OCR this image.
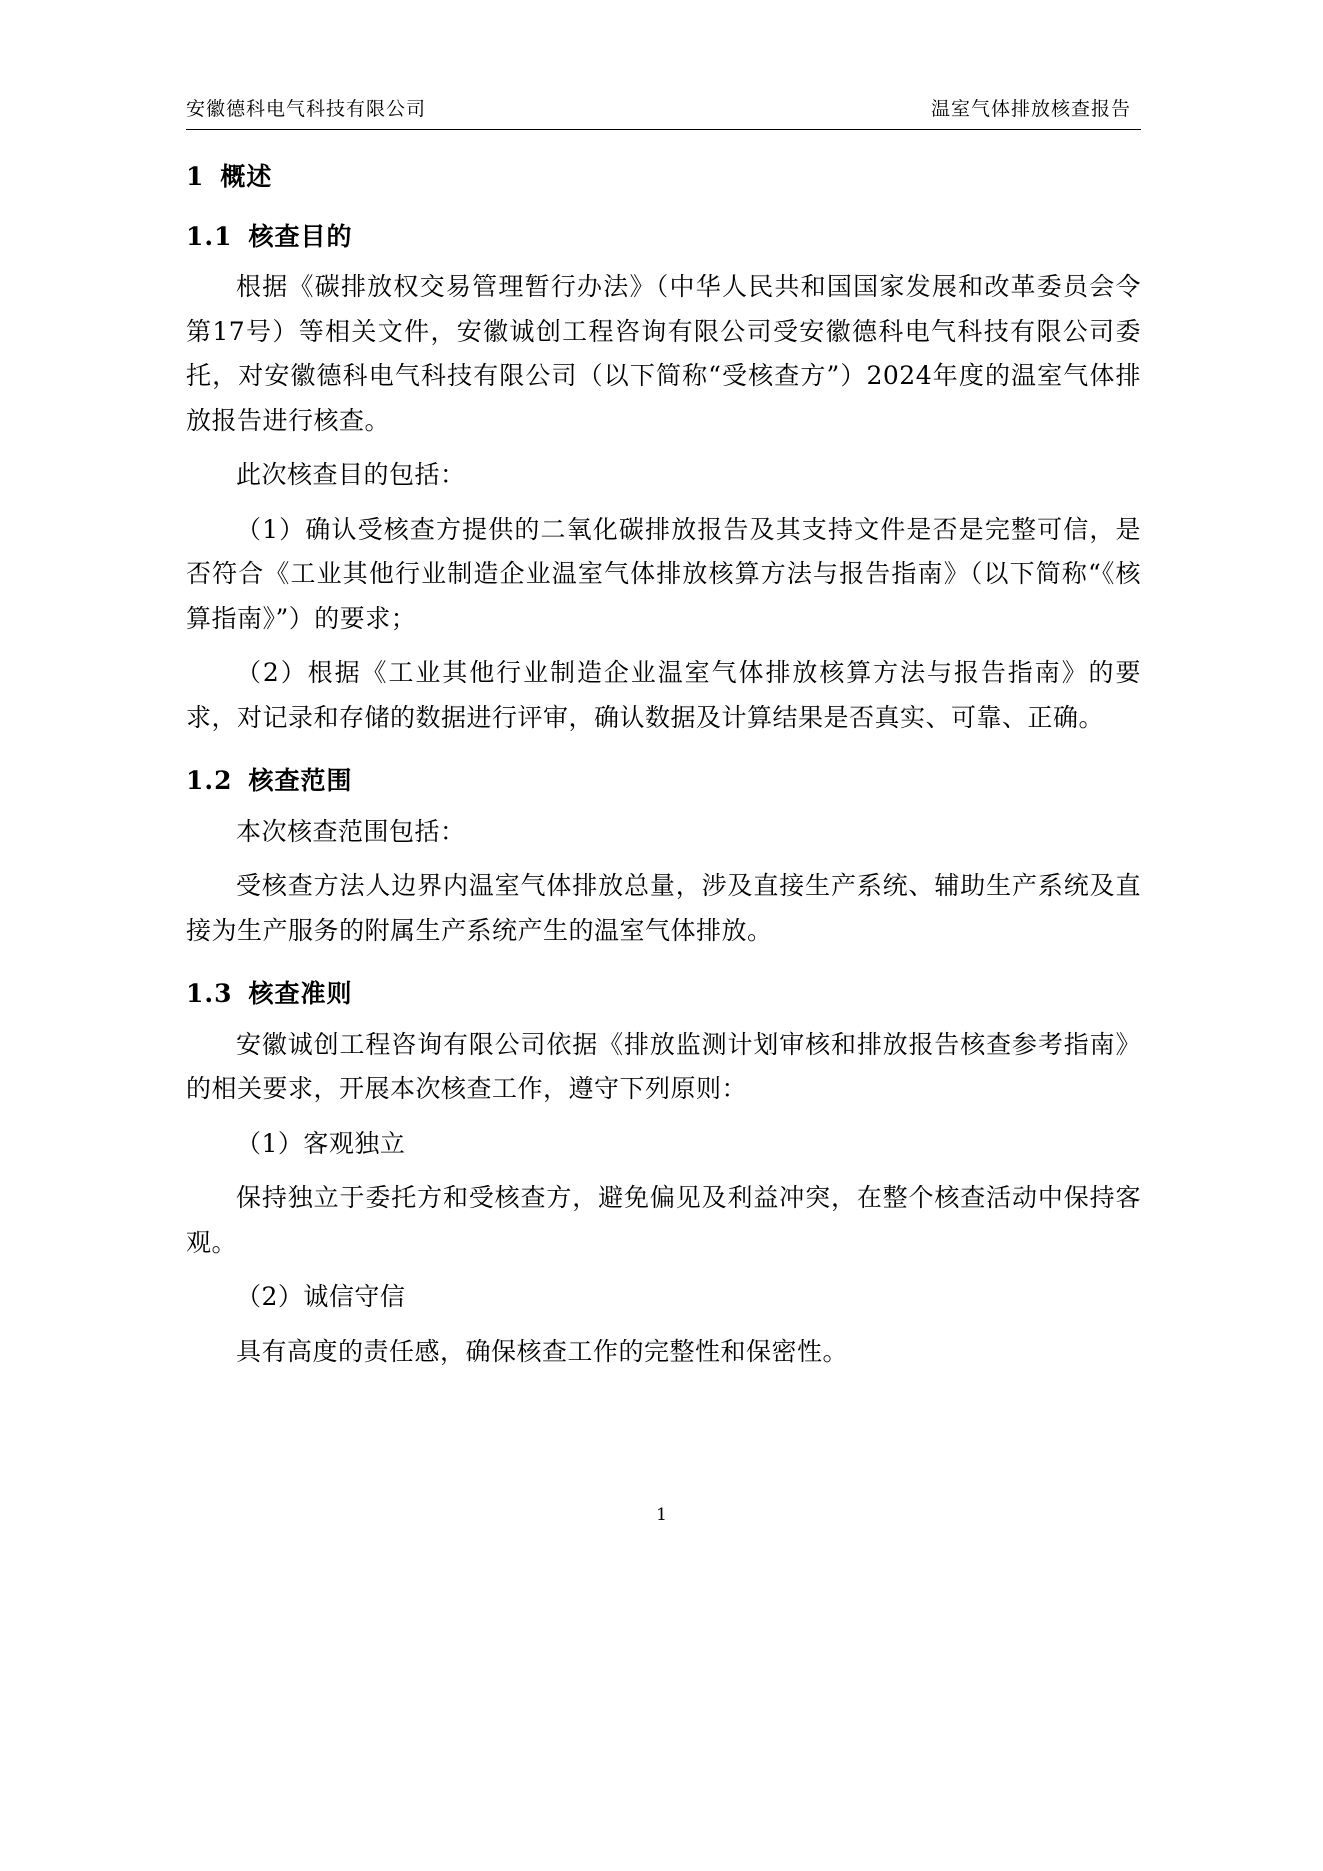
安徽德科电气科技有限公司	温室气体排放核查报告
1 概述
1.1 核查目的

根据《碳排放权交易管理暂行办法》（中华人民共和国国家发展和改革委员会令第17号）等相关文件，安徽诚创工程咨询有限公司受安徽德科电气科技有限公司委托，对安徽德科电气科技有限公司（以下简称“受核查方”）2024年度的温室气体排放报告进行核查。

此次核查目的包括：

（1）确认受核查方提供的二氧化碳排放报告及其支持文件是否是完整可信，是否符合《工业其他行业制造企业温室气体排放核算方法与报告指南》（以下简称“《核算指南》”）的要求；

（2）根据《工业其他行业制造企业温室气体排放核算方法与报告指南》的要求，对记录和存储的数据进行评审，确认数据及计算结果是否真实、可靠、正确。

1.2 核查范围

本次核查范围包括：

受核查方法人边界内温室气体排放总量，涉及直接生产系统、辅助生产系统及直接为生产服务的附属生产系统产生的温室气体排放。

1.3 核查准则

安徽诚创工程咨询有限公司依据《排放监测计划审核和排放报告核查参考指南》的相关要求，开展本次核查工作，遵守下列原则：

（1）客观独立

保持独立于委托方和受核查方，避免偏见及利益冲突，在整个核查活动中保持客观。

（2）诚信守信

具有高度的责任感，确保核查工作的完整性和保密性。

1
